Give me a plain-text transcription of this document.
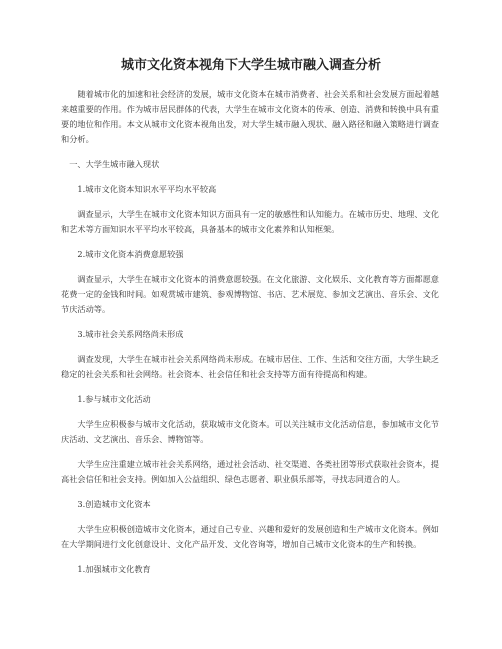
城市文化资本视角下大学生城市融入调查分析

随着城市化的加速和社会经济的发展，城市文化资本在城市消费者、社会关系和社会发展方面起着越来越重要的作用。作为城市居民群体的代表，大学生在城市文化资本的传承、创造、消费和转换中具有重要的地位和作用。本文从城市文化资本视角出发，对大学生城市融入现状、融入路径和融入策略进行调查和分析。

一、大学生城市融入现状

1.城市文化资本知识水平平均水平较高

调查显示，大学生在城市文化资本知识方面具有一定的敏感性和认知能力。在城市历史、地理、文化和艺术等方面知识水平平均水平较高，具备基本的城市文化素养和认知框架。

2.城市文化资本消费意愿较强

调查显示，大学生在城市文化资本的消费意愿较强。在文化旅游、文化娱乐、文化教育等方面都愿意花费一定的金钱和时间。如观赏城市建筑、参观博物馆、书店、艺术展览、参加文艺演出、音乐会、文化节庆活动等。

3.城市社会关系网络尚未形成

调查发现，大学生在城市社会关系网络尚未形成。在城市居住、工作、生活和交往方面，大学生缺乏稳定的社会关系和社会网络。社会资本、社会信任和社会支持等方面有待提高和构建。

1.参与城市文化活动

大学生应积极参与城市文化活动，获取城市文化资本。可以关注城市文化活动信息，参加城市文化节庆活动、文艺演出、音乐会、博物馆等。

大学生应注重建立城市社会关系网络，通过社会活动、社交渠道、各类社团等形式获取社会资本，提高社会信任和社会支持。例如加入公益组织、绿色志愿者、职业俱乐部等，寻找志同道合的人。

3.创造城市文化资本

大学生应积极创造城市文化资本，通过自己专业、兴趣和爱好的发展创造和生产城市文化资本。例如在大学期间进行文化创意设计、文化产品开发、文化咨询等，增加自己城市文化资本的生产和转换。

1.加强城市文化教育
